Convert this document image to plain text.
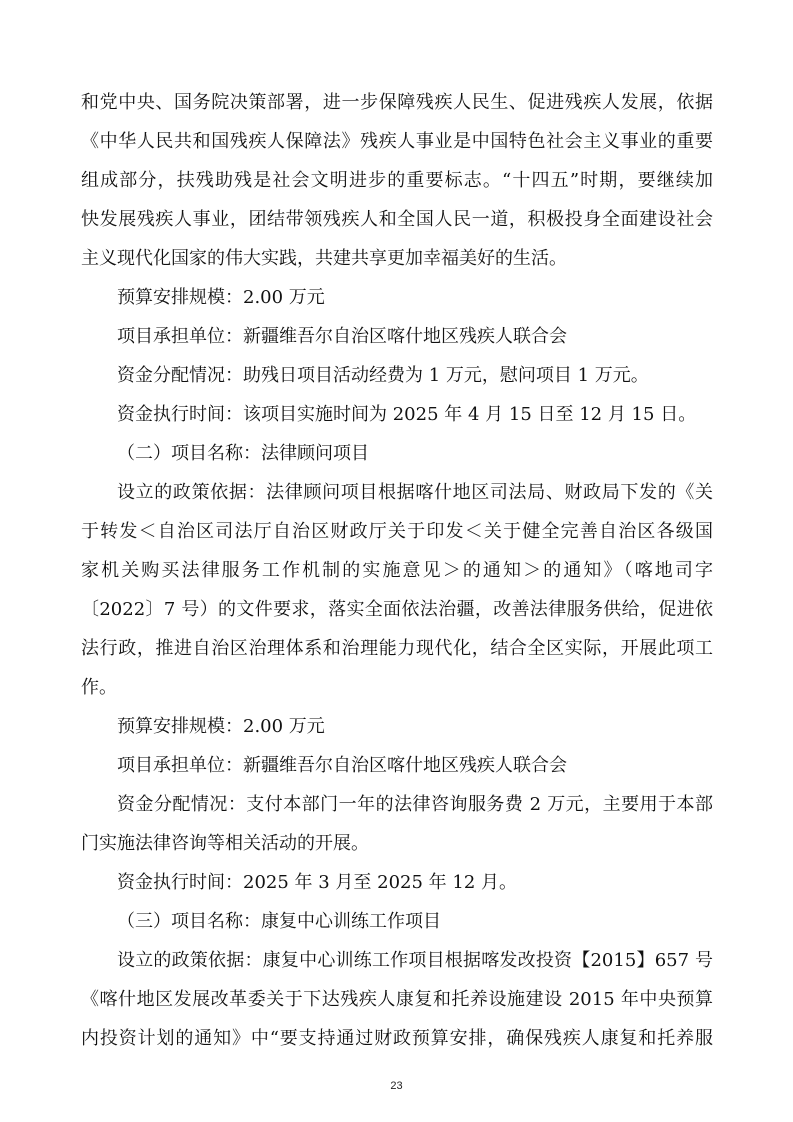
和党中央、国务院决策部署，进一步保障残疾人民生、促进残疾人发展，依据
《中华人民共和国残疾人保障法》残疾人事业是中国特色社会主义事业的重要
组成部分，扶残助残是社会文明进步的重要标志。“十四五”时期，要继续加
快发展残疾人事业，团结带领残疾人和全国人民一道，积极投身全面建设社会
主义现代化国家的伟大实践，共建共享更加幸福美好的生活。
预算安排规模：2.00 万元
项目承担单位：新疆维吾尔自治区喀什地区残疾人联合会
资金分配情况：助残日项目活动经费为 1 万元，慰问项目 1 万元。
资金执行时间：该项目实施时间为 2025 年 4 月 15 日至 12 月 15 日。
（二）项目名称：法律顾问项目
设立的政策依据：法律顾问项目根据喀什地区司法局、财政局下发的《关
于转发＜自治区司法厅自治区财政厅关于印发＜关于健全完善自治区各级国
家机关购买法律服务工作机制的实施意见＞的通知＞的通知》（喀地司字
〔2022〕7 号）的文件要求，落实全面依法治疆，改善法律服务供给，促进依
法行政，推进自治区治理体系和治理能力现代化，结合全区实际，开展此项工
作。
预算安排规模：2.00 万元
项目承担单位：新疆维吾尔自治区喀什地区残疾人联合会
资金分配情况：支付本部门一年的法律咨询服务费 2 万元，主要用于本部
门实施法律咨询等相关活动的开展。
资金执行时间：2025 年 3 月至 2025 年 12 月。
（三）项目名称：康复中心训练工作项目
设立的政策依据：康复中心训练工作项目根据喀发改投资【2015】657 号
《喀什地区发展改革委关于下达残疾人康复和托养设施建设 2015 年中央预算
内投资计划的通知》中“要支持通过财政预算安排，确保残疾人康复和托养服
23
